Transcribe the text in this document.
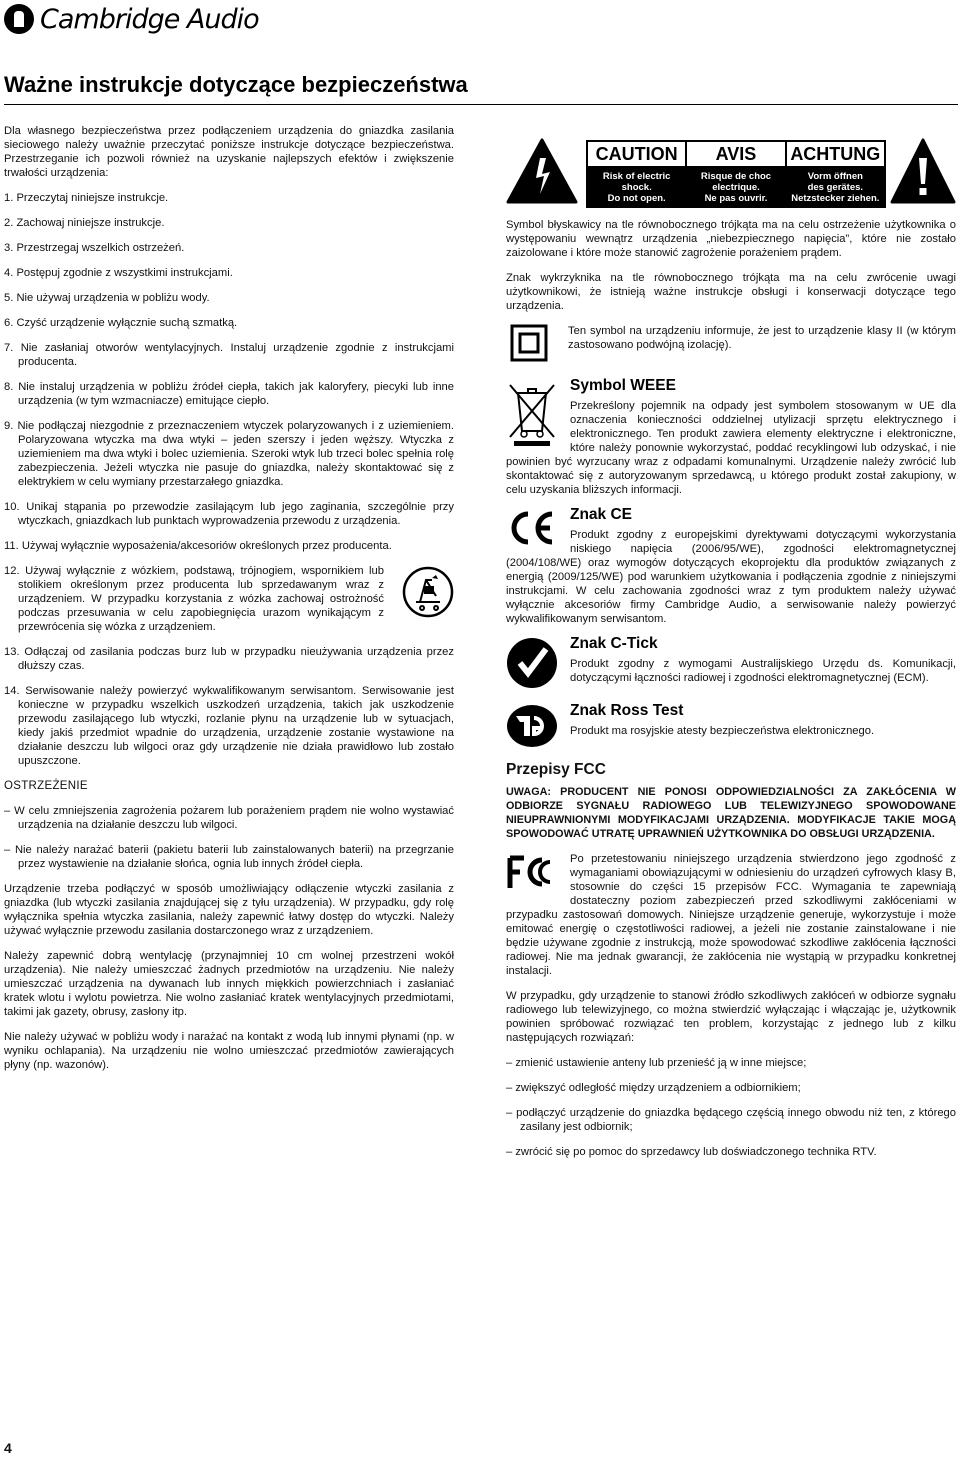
Cambridge Audio
Ważne instrukcje dotyczące bezpieczeństwa

Dla własnego bezpieczeństwa przez podłączeniem urządzenia do gniazdka zasilania sieciowego należy uważnie przeczytać poniższe instrukcje dotyczące bezpieczeństwa. Przestrzeganie ich pozwoli również na uzyskanie najlepszych efektów i zwiększenie trwałości urządzenia:

1. Przeczytaj niniejsze instrukcje.
2. Zachowaj niniejsze instrukcje.
3. Przestrzegaj wszelkich ostrzeżeń.
4. Postępuj zgodnie z wszystkimi instrukcjami.
5. Nie używaj urządzenia w pobliżu wody.
6. Czyść urządzenie wyłącznie suchą szmatką.
7. Nie zasłaniaj otworów wentylacyjnych. Instaluj urządzenie zgodnie z instrukcjami producenta.
8. Nie instaluj urządzenia w pobliżu źródeł ciepła, takich jak kaloryfery, piecyki lub inne urządzenia (w tym wzmacniacze) emitujące ciepło.
9. Nie podłączaj niezgodnie z przeznaczeniem wtyczek polaryzowanych i z uziemieniem. Polaryzowana wtyczka ma dwa wtyki – jeden szerszy i jeden węższy. Wtyczka z uziemieniem ma dwa wtyki i bolec uziemienia. Szeroki wtyk lub trzeci bolec spełnia rolę zabezpieczenia. Jeżeli wtyczka nie pasuje do gniazdka, należy skontaktować się z elektrykiem w celu wymiany przestarzałego gniazdka.
10. Unikaj stąpania po przewodzie zasilającym lub jego zaginania, szczególnie przy wtyczkach, gniazdkach lub punktach wyprowadzenia przewodu z urządzenia.
11. Używaj wyłącznie wyposażenia/akcesoriów określonych przez producenta.
12. Używaj wyłącznie z wózkiem, podstawą, trójnogiem, wspornikiem lub stolikiem określonym przez producenta lub sprzedawanym wraz z urządzeniem. W przypadku korzystania z wózka zachowaj ostrożność podczas przesuwania w celu zapobiegnięcia urazom wynikającym z przewrócenia się wózka z urządzeniem.
13. Odłączaj od zasilania podczas burz lub w przypadku nieużywania urządzenia przez dłuższy czas.
14. Serwisowanie należy powierzyć wykwalifikowanym serwisantom. Serwisowanie jest konieczne w przypadku wszelkich uszkodzeń urządzenia, takich jak uszkodzenie przewodu zasilającego lub wtyczki, rozlanie płynu na urządzenie lub w sytuacjach, kiedy jakiś przedmiot wpadnie do urządzenia, urządzenie zostanie wystawione na działanie deszczu lub wilgoci oraz gdy urządzenie nie działa prawidłowo lub zostało upuszczone.
OSTRZEŻENIE
– W celu zmniejszenia zagrożenia pożarem lub porażeniem prądem nie wolno wystawiać urządzenia na działanie deszczu lub wilgoci.
– Nie należy narażać baterii (pakietu baterii lub zainstalowanych baterii) na przegrzanie przez wystawienie na działanie słońca, ognia lub innych źródeł ciepła.

Urządzenie trzeba podłączyć w sposób umożliwiający odłączenie wtyczki zasilania z gniazdka (lub wtyczki zasilania znajdującej się z tyłu urządzenia). W przypadku, gdy rolę wyłącznika spełnia wtyczka zasilania, należy zapewnić łatwy dostęp do wtyczki. Należy używać wyłącznie przewodu zasilania dostarczonego wraz z urządzeniem.

Należy zapewnić dobrą wentylację (przynajmniej 10 cm wolnej przestrzeni wokół urządzenia). Nie należy umieszczać żadnych przedmiotów na urządzeniu. Nie należy umieszczać urządzenia na dywanach lub innych miękkich powierzchniach i zasłaniać kratek wlotu i wylotu powietrza. Nie wolno zasłaniać kratek wentylacyjnych przedmiotami, takimi jak gazety, obrusy, zasłony itp.

Nie należy używać w pobliżu wody i narażać na kontakt z wodą lub innymi płynami (np. w wyniku ochlapania). Na urządzeniu nie wolno umieszczać przedmiotów zawierających płyny (np. wazonów).

CAUTION
Risk of electric
shock.
Do not open.
AVIS
Risque de choc
electrique.
Ne pas ouvrir.
ACHTUNG
Vorm öffnen
des gerätes.
Netzstecker ziehen.

Symbol błyskawicy na tle równobocznego trójkąta ma na celu ostrzeżenie użytkownika o występowaniu wewnątrz urządzenia „niebezpiecznego napięcia”, które nie zostało zaizolowane i które może stanowić zagrożenie porażeniem prądem.

Znak wykrzyknika na tle równobocznego trójkąta ma na celu zwrócenie uwagi użytkownikowi, że istnieją ważne instrukcje obsługi i konserwacji dotyczące tego urządzenia.

Ten symbol na urządzeniu informuje, że jest to urządzenie klasy II (w którym zastosowano podwójną izolację).
Symbol WEEE
Przekreślony pojemnik na odpady jest symbolem stosowanym w UE dla oznaczenia konieczności oddzielnej utylizacji sprzętu elektrycznego i elektronicznego. Ten produkt zawiera elementy elektryczne i elektroniczne, które należy ponownie wykorzystać, poddać recyklingowi lub odzyskać, i nie powinien być wyrzucany wraz z odpadami komunalnymi. Urządzenie należy zwrócić lub skontaktować się z autoryzowanym sprzedawcą, u którego produkt został zakupiony, w celu uzyskania bliższych informacji.
Znak CE
Produkt zgodny z europejskimi dyrektywami dotyczącymi wykorzystania niskiego napięcia (2006/95/WE), zgodności elektromagnetycznej (2004/108/WE) oraz wymogów dotyczących ekoprojektu dla produktów związanych z energią (2009/125/WE) pod warunkiem użytkowania i podłączenia zgodnie z niniejszymi instrukcjami. W celu zachowania zgodności wraz z tym produktem należy używać wyłącznie akcesoriów firmy Cambridge Audio, a serwisowanie należy powierzyć wykwalifikowanym serwisantom.
Znak C-Tick
Produkt zgodny z wymogami Australijskiego Urzędu ds. Komunikacji, dotyczącymi łączności radiowej i zgodności elektromagnetycznej (ECM).
Znak Ross Test
Produkt ma rosyjskie atesty bezpieczeństwa elektronicznego.
Przepisy FCC
UWAGA: PRODUCENT NIE PONOSI ODPOWIEDZIALNOŚCI ZA ZAKŁÓCENIA W ODBIORZE SYGNAŁU RADIOWEGO LUB TELEWIZYJNEGO SPOWODOWANE NIEUPRAWNIONYMI MODYFIKACJAMI URZĄDZENIA. MODYFIKACJE TAKIE MOGĄ SPOWODOWAĆ UTRATĘ UPRAWNIEŃ UŻYTKOWNIKA DO OBSŁUGI URZĄDZENIA.
Po przetestowaniu niniejszego urządzenia stwierdzono jego zgodność z wymaganiami obowiązującymi w odniesieniu do urządzeń cyfrowych klasy B, stosownie do części 15 przepisów FCC. Wymagania te zapewniają dostateczny poziom zabezpieczeń przed szkodliwymi zakłóceniami w przypadku zastosowań domowych. Niniejsze urządzenie generuje, wykorzystuje i może emitować energię o częstotliwości radiowej, a jeżeli nie zostanie zainstalowane i nie będzie używane zgodnie z instrukcją, może spowodować szkodliwe zakłócenia łączności radiowej. Nie ma jednak gwarancji, że zakłócenia nie wystąpią w przypadku konkretnej instalacji.

W przypadku, gdy urządzenie to stanowi źródło szkodliwych zakłóceń w odbiorze sygnału radiowego lub telewizyjnego, co można stwierdzić wyłączając i włączając je, użytkownik powinien spróbować rozwiązać ten problem, korzystając z jednego lub z kilku następujących rozwiązań:

– zmienić ustawienie anteny lub przenieść ją w inne miejsce;
– zwiększyć odległość między urządzeniem a odbiornikiem;
– podłączyć urządzenie do gniazdka będącego częścią innego obwodu niż ten, z którego zasilany jest odbiornik;
– zwrócić się po pomoc do sprzedawcy lub doświadczonego technika RTV.
4
